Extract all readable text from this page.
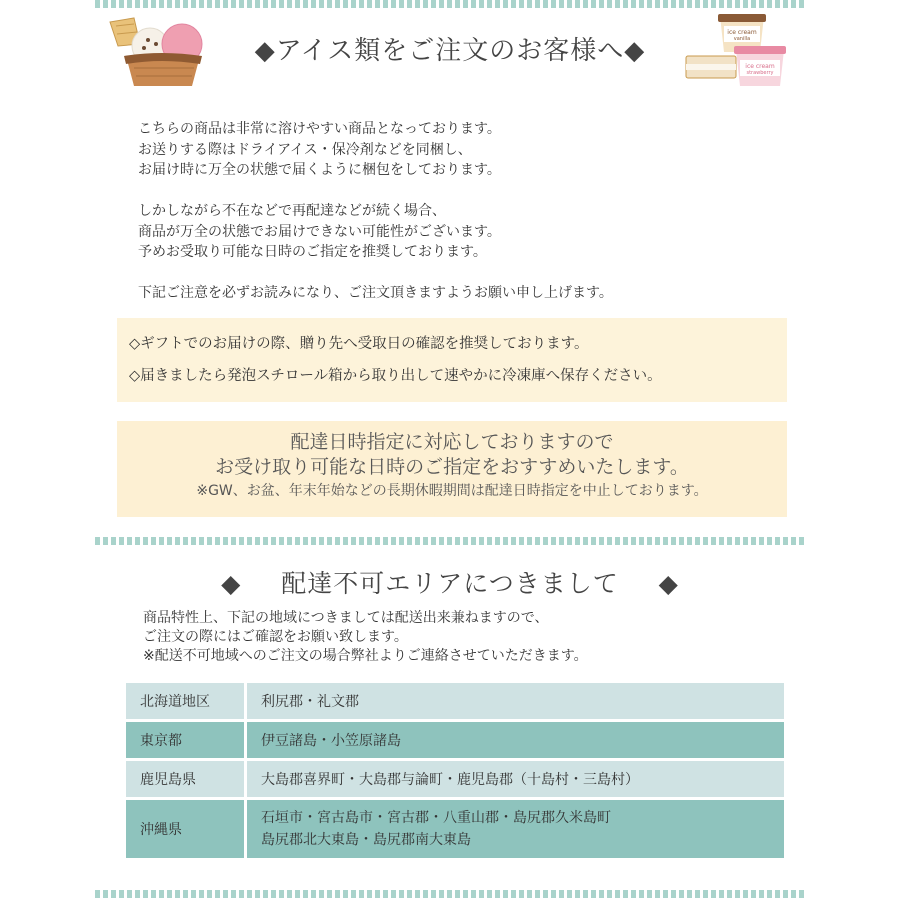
◆アイス類をご注文のお客様へ◆
ice cream
vanilla
ice cream
strawberry
こちらの商品は非常に溶けやすい商品となっております。
お送りする際はドライアイス・保冷剤などを同梱し、
お届け時に万全の状態で届くように梱包をしております。
しかしながら不在などで再配達などが続く場合、
商品が万全の状態でお届けできない可能性がございます。
予めお受取り可能な日時のご指定を推奨しております。
下記ご注意を必ずお読みになり、ご注文頂きますようお願い申し上げます。
◇ギフトでのお届けの際、贈り先へ受取日の確認を推奨しております。
◇届きましたら発泡スチロール箱から取り出して速やかに冷凍庫へ保存ください。
配達日時指定に対応しておりますので
お受け取り可能な日時のご指定をおすすめいたします。
※GW、お盆、年末年始などの長期休暇期間は配達日時指定を中止しております。
◆ 配達不可エリアにつきまして ◆
商品特性上、下記の地域につきましては配送出来兼ねますので、
ご注文の際にはご確認をお願い致します。
※配送不可地域へのご注文の場合弊社よりご連絡させていただきます。
北海道地区	利尻郡・礼文郡
東京都	伊豆諸島・小笠原諸島
鹿児島県	大島郡喜界町・大島郡与論町・鹿児島郡（十島村・三島村）
沖縄県	石垣市・宮古島市・宮古郡・八重山郡・島尻郡久米島町
島尻郡北大東島・島尻郡南大東島
